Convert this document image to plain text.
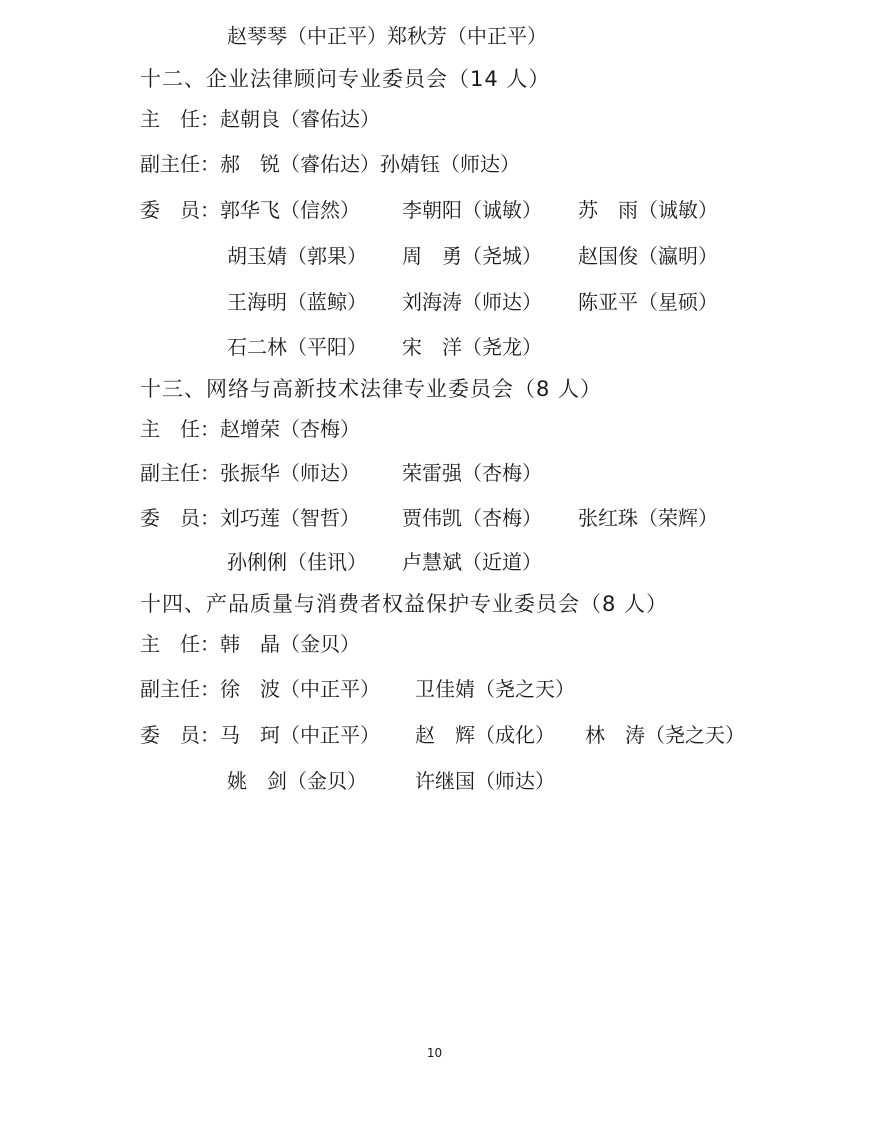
赵琴琴（中正平）郑秋芳（中正平）
十二、企业法律顾问专业委员会（14 人）
主　任：赵朝良（睿佑达）
副主任：郝　锐（睿佑达）孙婧钰（师达）
委　员：郭华飞（信然） 李朝阳（诚敏） 苏　雨（诚敏）
胡玉婧（郭果） 周　勇（尧城） 赵国俊（瀛明）
王海明（蓝鲸） 刘海涛（师达） 陈亚平（星硕）
石二林（平阳） 宋　洋（尧龙）
十三、网络与高新技术法律专业委员会（8 人）
主　任：赵增荣（杏梅）
副主任：张振华（师达） 荣雷强（杏梅）
委　员：刘巧莲（智哲） 贾伟凯（杏梅） 张红珠（荣辉）
孙俐俐（佳讯） 卢慧斌（近道）
十四、产品质量与消费者权益保护专业委员会（8 人）
主　任：韩　晶（金贝）
副主任：徐　波（中正平） 卫佳婧（尧之天）
委　员：马　珂（中正平） 赵　辉（成化） 林　涛（尧之天）
姚　剑（金贝） 许继国（师达）
10
